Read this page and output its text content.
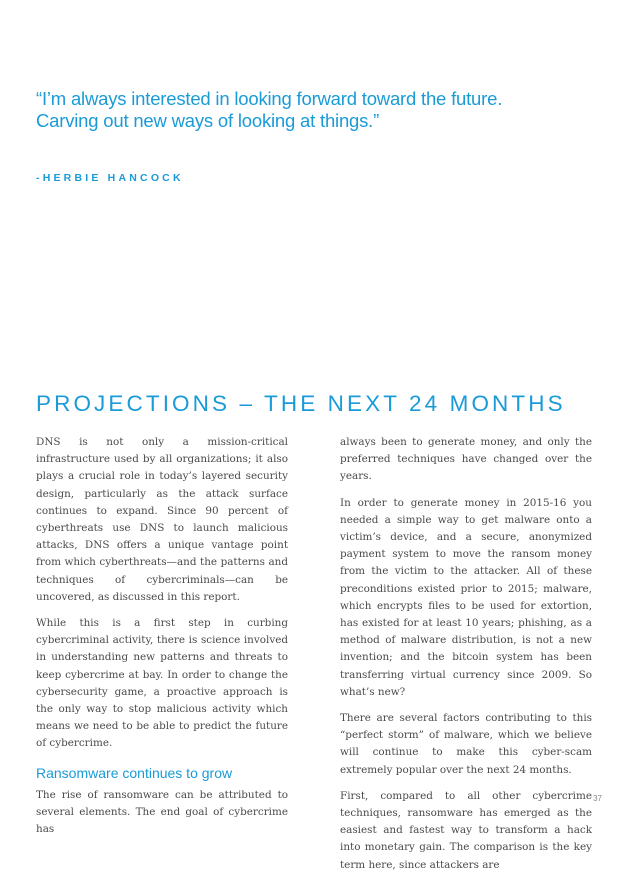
“I’m always interested in looking forward toward the future.
Carving out new ways of looking at things.”
-HERBIE HANCOCK
PROJECTIONS – THE NEXT 24 MONTHS

DNS is not only a mission-critical infrastructure used by all organizations; it also plays a crucial role in today’s layered security design, particularly as the attack surface continues to expand. Since 90 percent of cyberthreats use DNS to launch malicious attacks, DNS offers a unique vantage point from which cyberthreats—and the patterns and techniques of cybercriminals—can be uncovered, as discussed in this report.

While this is a first step in curbing cybercriminal activity, there is science involved in understanding new patterns and threats to keep cybercrime at bay. In order to change the cybersecurity game, a proactive approach is the only way to stop malicious activity which means we need to be able to predict the future of cybercrime.

Ransomware continues to grow

The rise of ransomware can be attributed to several elements. The end goal of cybercrime has

always been to generate money, and only the preferred techniques have changed over the years.

In order to generate money in 2015-16 you needed a simple way to get malware onto a victim’s device, and a secure, anonymized payment system to move the ransom money from the victim to the attacker. All of these preconditions existed prior to 2015; malware, which encrypts files to be used for extortion, has existed for at least 10 years; phishing, as a method of malware distribution, is not a new invention; and the bitcoin system has been transferring virtual currency since 2009. So what’s new?

There are several factors contributing to this “perfect storm” of malware, which we believe will continue to make this cyber-scam extremely popular over the next 24 months.

First, compared to all other cybercrime techniques, ransomware has emerged as the easiest and fastest way to transform a hack into monetary gain. The comparison is the key term here, since attackers are

37
